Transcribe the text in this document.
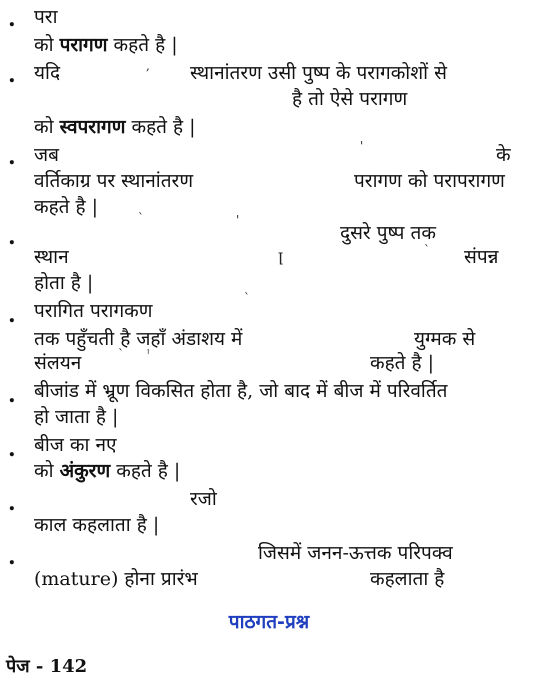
. परा
को परागण कहते है |
. यदि	, स्थानांतरण उसी पुष्प के परागकोशों से
है तो ऐसे परागण
को स्वपरागण कहते है |
. जब	'	के
वर्तिकाग्र पर स्थानांतरण	परागण को परापरागण
कहते है |	`	'
.	दुसरे पुष्प तक
स्थान	ꞁ	` संपन्न
होता है |
`
. परागित परागकण
तक पहुँचती है जहाँ अंडाशय में	युग्मक से
संलयन	` ꜛ	कहते है |
. बीजांड में भ्रूण विकसित होता है, जो बाद में बीज में परिवर्तित
हो जाता है |
. बीज का नए
को अंकुरण कहते है |
.	रजो
काल कहलाता है |
.	जिसमें जनन-ऊत्तक परिपक्व
(mature) होना प्रारंभ	कहलाता है
पाठगत-प्रश्न
पेज - 142
